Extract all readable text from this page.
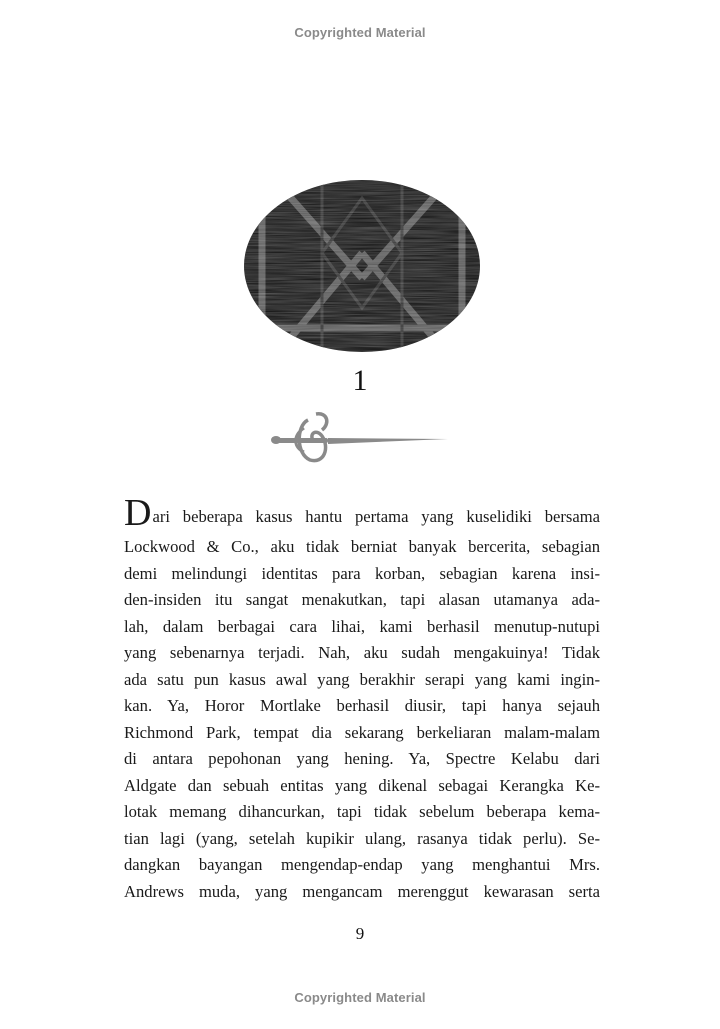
Copyrighted Material
1
Dari beberapa kasus hantu pertama yang kuselidiki bersama
Lockwood & Co., aku tidak berniat banyak bercerita, sebagian
demi melindungi identitas para korban, sebagian karena insi-
den-insiden itu sangat menakutkan, tapi alasan utamanya ada-
lah, dalam berbagai cara lihai, kami berhasil menutup-nutupi
yang sebenarnya terjadi. Nah, aku sudah mengakuinya! Tidak
ada satu pun kasus awal yang berakhir serapi yang kami ingin-
kan. Ya, Horor Mortlake berhasil diusir, tapi hanya sejauh
Richmond Park, tempat dia sekarang berkeliaran malam-malam
di antara pepohonan yang hening. Ya, Spectre Kelabu dari
Aldgate dan sebuah entitas yang dikenal sebagai Kerangka Ke-
lotak memang dihancurkan, tapi tidak sebelum beberapa kema-
tian lagi (yang, setelah kupikir ulang, rasanya tidak perlu). Se-
dangkan bayangan mengendap-endap yang menghantui Mrs.
Andrews muda, yang mengancam merenggut kewarasan serta
9
Copyrighted Material
